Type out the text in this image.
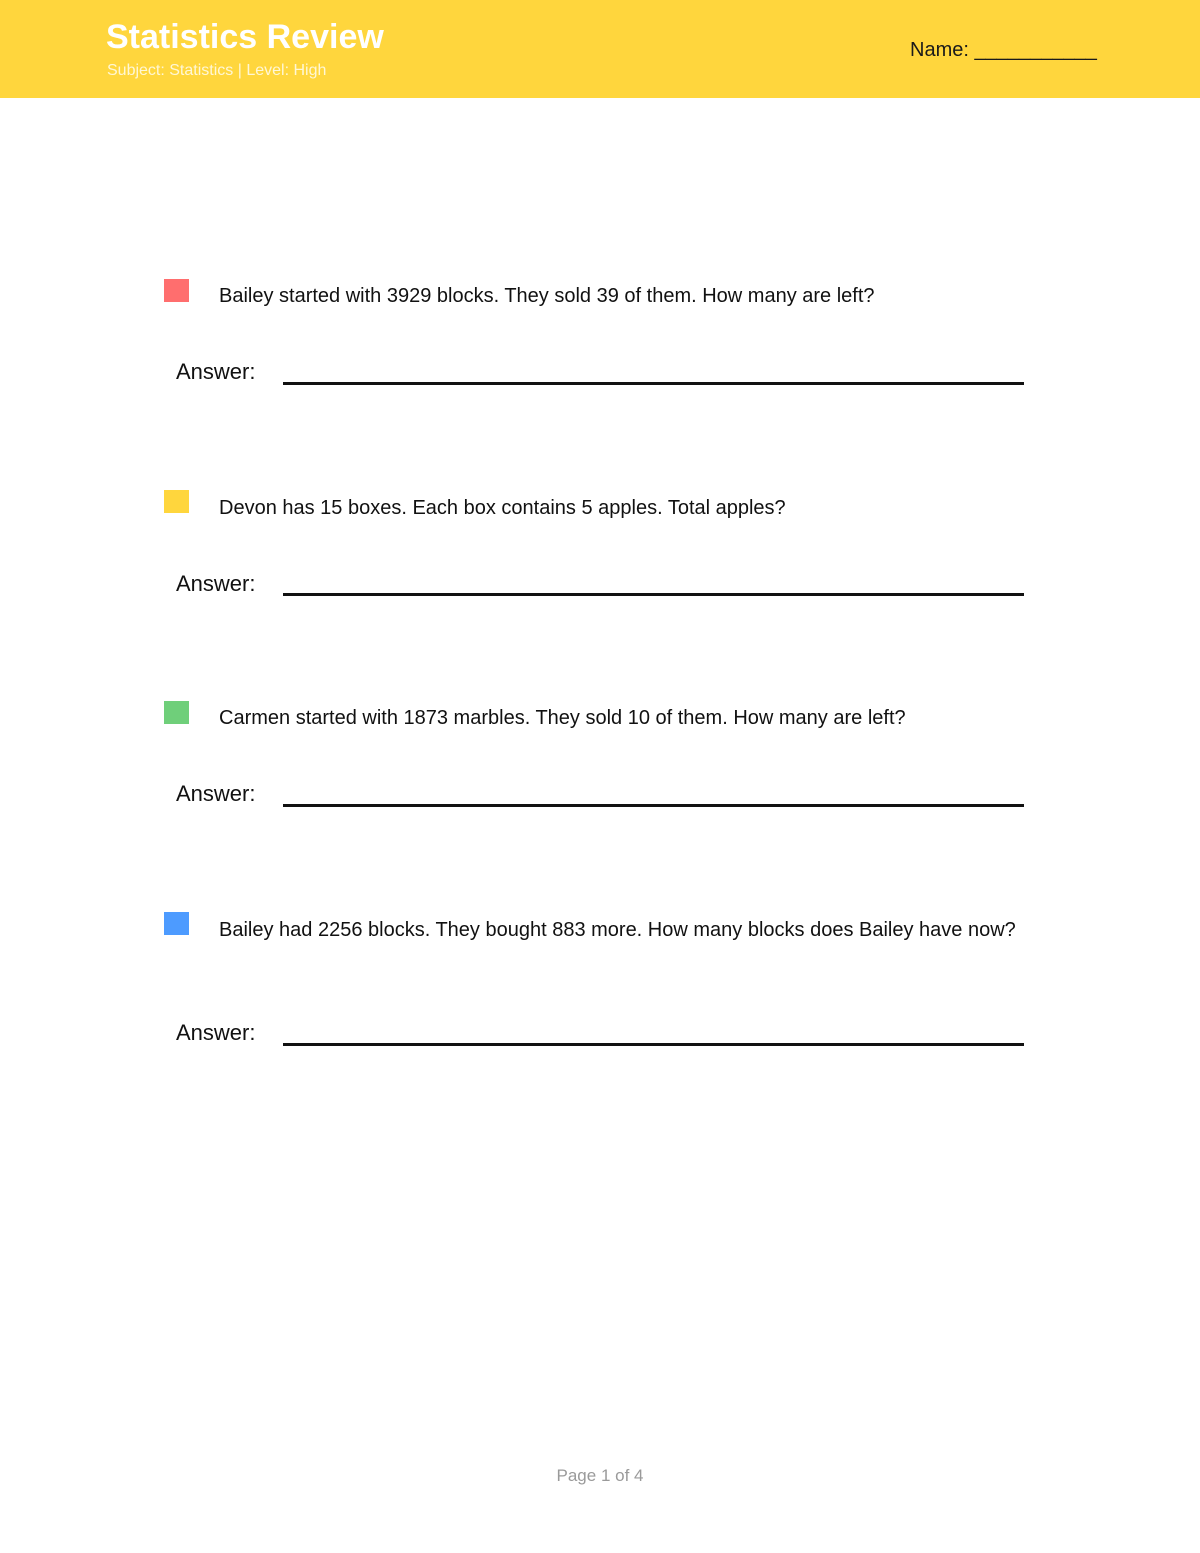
Statistics Review
Subject: Statistics | Level: High
Name: ___________
Bailey started with 3929 blocks. They sold 39 of them. How many are left?
Answer:
Devon has 15 boxes. Each box contains 5 apples. Total apples?
Answer:
Carmen started with 1873 marbles. They sold 10 of them. How many are left?
Answer:
Bailey had 2256 blocks. They bought 883 more. How many blocks does Bailey have now?
Answer:
Page 1 of 4
